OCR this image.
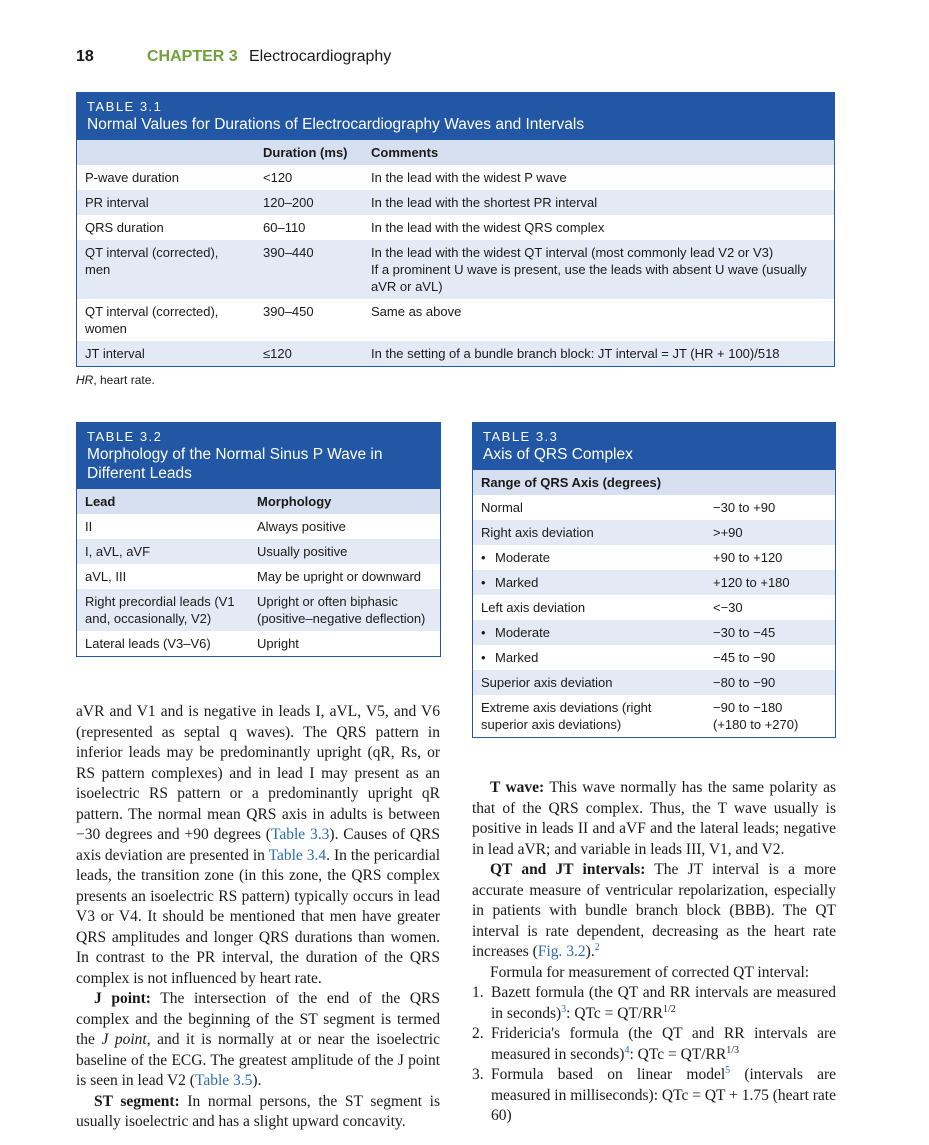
18	CHAPTER 3 Electrocardiography
TABLE 3.1
Normal Values for Durations of Electrocardiography Waves and Intervals
	Duration (ms)	Comments
P-wave duration	<120	In the lead with the widest P wave
PR interval	120–200	In the lead with the shortest PR interval
QRS duration	60–110	In the lead with the widest QRS complex
QT interval (corrected), men	390–440	In the lead with the widest QT interval (most commonly lead V2 or V3)
If a prominent U wave is present, use the leads with absent U wave (usually aVR or aVL)

QT interval (corrected), women	390–450	Same as above
JT interval	≤120	In the setting of a bundle branch block: JT interval = JT (HR + 100)/518
HR, heart rate.
TABLE 3.2
Morphology of the Normal Sinus P Wave in Different Leads
Lead	Morphology
II	Always positive
I, aVL, aVF	Usually positive
aVL, III	May be upright or downward
Right precordial leads (V1 and, occasionally, V2)	Upright or often biphasic (positive–negative deflection)
Lateral leads (V3–V6)	Upright
TABLE 3.3
Axis of QRS Complex
Range of QRS Axis (degrees)	
Normal	−30 to +90
Right axis deviation	>+90
• Moderate	+90 to +120
• Marked	+120 to +180
Left axis deviation	<−30
• Moderate	−30 to −45
• Marked	−45 to −90
Superior axis deviation	−80 to −90
Extreme axis deviations (right superior axis deviations)	−90 to −180
(+180 to +270)

aVR and V1 and is negative in leads I, aVL, V5, and V6 (represented as septal q waves). The QRS pattern in inferior leads may be predominantly upright (qR, Rs, or RS pattern complexes) and in lead I may present as an isoelectric RS pattern or a predominantly upright qR pattern. The normal mean QRS axis in adults is between −30 degrees and +90 degrees (Table 3.3). Causes of QRS axis deviation are presented in Table 3.4. In the pericardial leads, the transition zone (in this zone, the QRS complex presents an isoelectric RS pattern) typically occurs in lead V3 or V4. It should be mentioned that men have greater QRS amplitudes and longer QRS durations than women. In contrast to the PR interval, the duration of the QRS complex is not influenced by heart rate.

J point: The intersection of the end of the QRS complex and the beginning of the ST segment is termed the J point, and it is normally at or near the isoelectric baseline of the ECG. The greatest amplitude of the J point is seen in lead V2 (Table 3.5).

ST segment: In normal persons, the ST segment is usually isoelectric and has a slight upward concavity.

T wave: This wave normally has the same polarity as that of the QRS complex. Thus, the T wave usually is positive in leads II and aVF and the lateral leads; negative in lead aVR; and variable in leads III, V1, and V2.

QT and JT intervals: The JT interval is a more accurate measure of ventricular repolarization, especially in patients with bundle branch block (BBB). The QT interval is rate dependent, decreasing as the heart rate increases (Fig. 3.2).$^2$

Formula for measurement of corrected QT interval:

1. Bazett formula (the QT and RR intervals are measured in seconds)$^3$: QTc = $QT/RR^{1/2}$
2. Fridericia's formula (the QT and RR intervals are measured in seconds)$^4$: QTc = $QT/RR^{1/3}$
3. Formula based on linear model$^5$ (intervals are measured in milliseconds): QTc = QT + 1.75 (heart rate 60)
